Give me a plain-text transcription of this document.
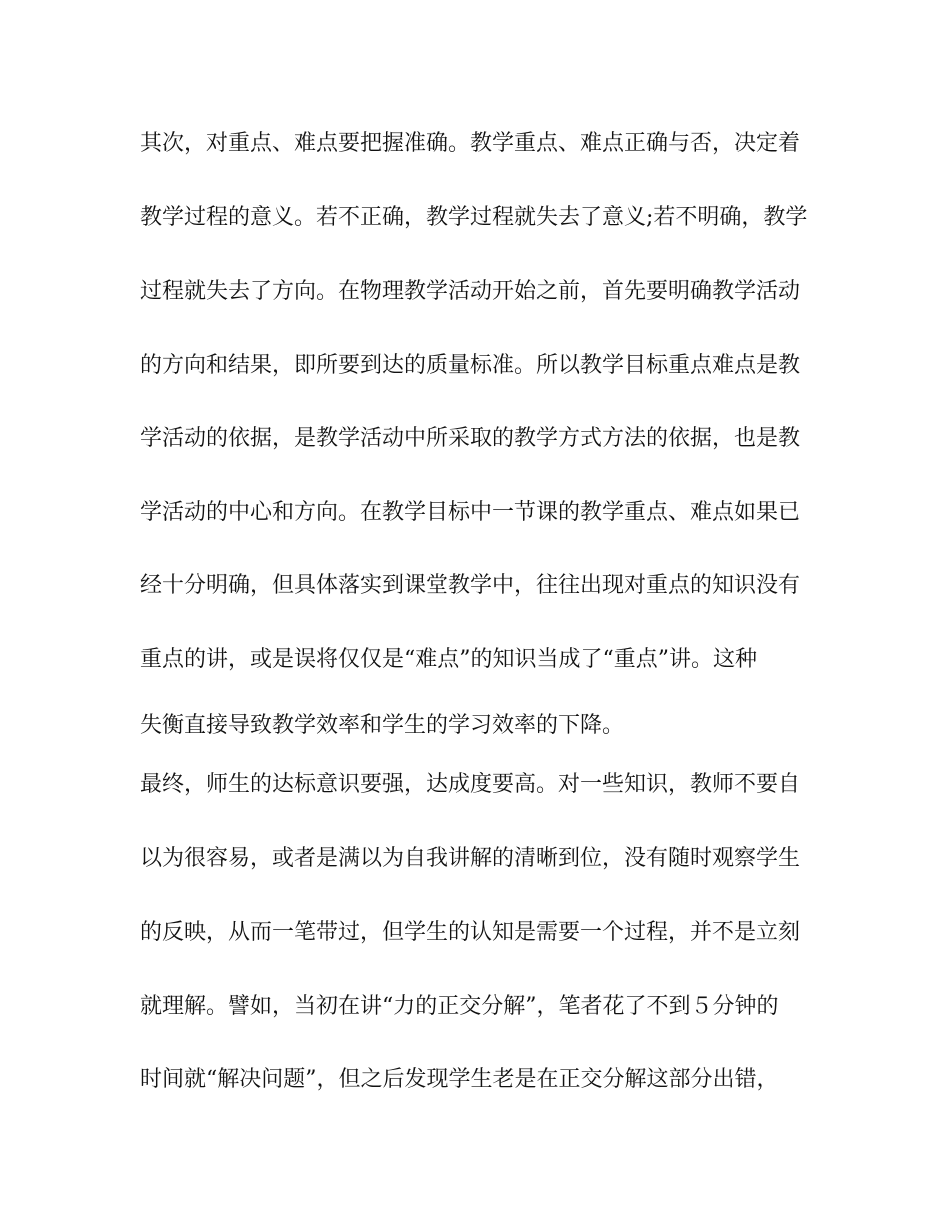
其次，对重点、难点要把握准确。教学重点、难点正确与否，决定着
教学过程的意义。若不正确，教学过程就失去了意义;若不明确，教学
过程就失去了方向。在物理教学活动开始之前，首先要明确教学活动
的方向和结果，即所要到达的质量标准。所以教学目标重点难点是教
学活动的依据，是教学活动中所采取的教学方式方法的依据，也是教
学活动的中心和方向。在教学目标中一节课的教学重点、难点如果已
经十分明确，但具体落实到课堂教学中，往往出现对重点的知识没有
重点的讲，或是误将仅仅是“难点”的知识当成了“重点”讲。这种
失衡直接导致教学效率和学生的学习效率的下降。
最终，师生的达标意识要强，达成度要高。对一些知识，教师不要自
以为很容易，或者是满以为自我讲解的清晰到位，没有随时观察学生
的反映，从而一笔带过，但学生的认知是需要一个过程，并不是立刻
就理解。譬如，当初在讲“力的正交分解”，笔者花了不到５分钟的
时间就“解决问题”，但之后发现学生老是在正交分解这部分出错，
